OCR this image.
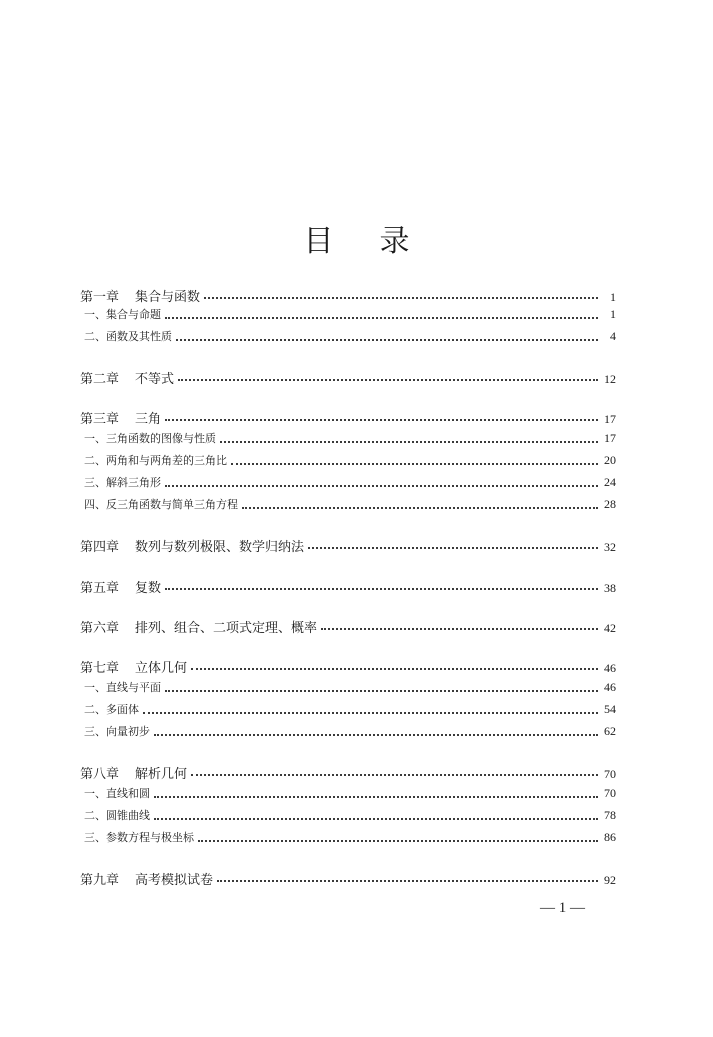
目 录
第一章 集合与函数	1
一、 集合与命题	1
二、 函数及其性质	4
第二章 不等式	12
第三章 三角	17
一、 三角函数的图像与性质	17
二、 两角和与两角差的三角比	20
三、 解斜三角形	24
四、 反三角函数与简单三角方程	28
第四章 数列与数列极限、数学归纳法	32
第五章 复数	38
第六章 排列、组合、二项式定理、概率	42
第七章 立体几何	46
一、 直线与平面	46
二、 多面体	54
三、 向量初步	62
第八章 解析几何	70
一、 直线和圆	70
二、 圆锥曲线	78
三、 参数方程与极坐标	86
第九章 高考模拟试卷	92
— 1 —
